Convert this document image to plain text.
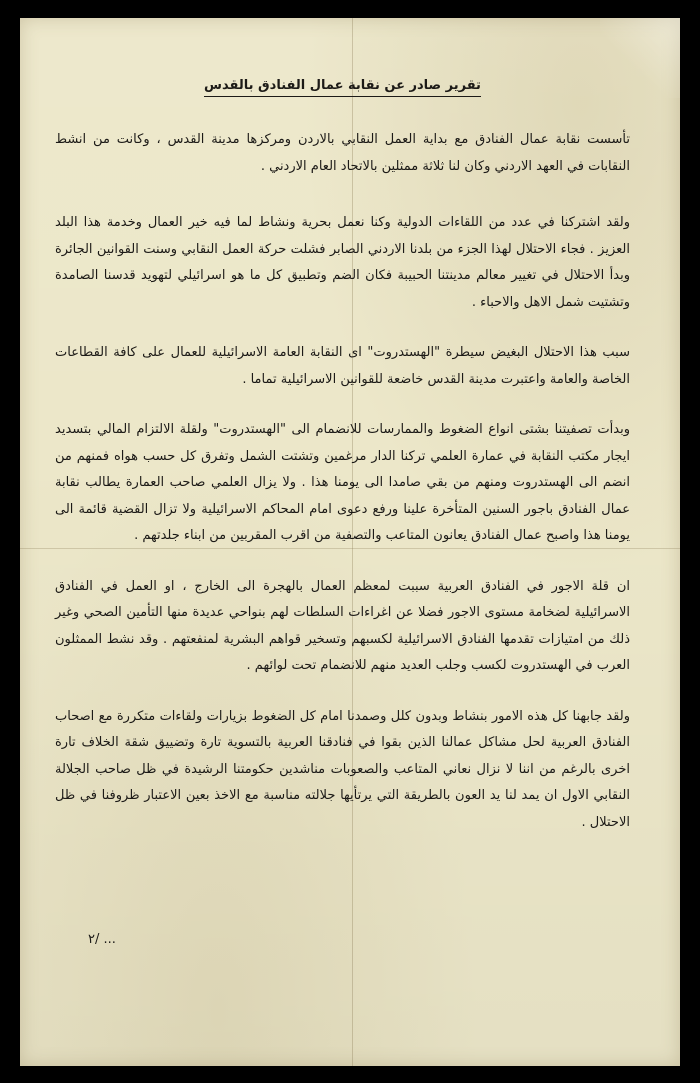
تقرير صادر عن نقابة عمال الفنادق بالقدس

تأسست نقابة عمال الفنادق مع بداية العمل النقابي بالاردن ومركزها مدينة القدس ، وكانت من انشط النقابات في العهد الاردني وكان لنا ثلاثة ممثلين بالاتحاد العام الاردني .

ولقد اشتركنا في عدد من اللقاءات الدولية وكنا نعمل بحرية ونشاط لما فيه خير العمال وخدمة هذا البلد العزيز . فجاء الاحتلال لهذا الجزء من بلدنا الاردني الصابر فشلت حركة العمل النقابي وسنت القوانين الجائرة وبدأ الاحتلال في تغيير معالم مدينتنا الحبيبة فكان الضم وتطبيق كل ما هو اسرائيلي لتهويد قدسنا الصامدة وتشتيت شمل الاهل والاحباء .

سبب هذا الاحتلال البغيض سيطرة "الهستدروت" اى النقابة العامة الاسرائيلية للعمال على كافة القطاعات الخاصة والعامة واعتبرت مدينة القدس خاضعة للقوانين الاسرائيلية تماما .

وبدأت تصفيتنا بشتى انواع الضغوط والممارسات للانضمام الى "الهستدروت" ولقلة الالتزام المالي بتسديد ايجار مكتب النقابة في عمارة العلمي تركنا الدار مرغمين وتشتت الشمل وتفرق كل حسب هواه فمنهم من انضم الى الهستدروت ومنهم من بقي صامدا الى يومنا هذا . ولا يزال العلمي صاحب العمارة يطالب نقابة عمال الفنادق باجور السنين المتأخرة علينا ورفع دعوى امام المحاكم الاسرائيلية ولا تزال القضية قائمة الى يومنا هذا واصبح عمال الفنادق يعانون المتاعب والتصفية من اقرب المقربين من ابناء جلدتهم .

ان قلة الاجور في الفنادق العربية سببت لمعظم العمال بالهجرة الى الخارج ، او العمل في الفنادق الاسرائيلية لضخامة مستوى الاجور فضلا عن اغراءات السلطات لهم بنواحي عديدة منها التأمين الصحي وغير ذلك من امتيازات تقدمها الفنادق الاسرائيلية لكسبهم وتسخير قواهم البشرية لمنفعتهم . وقد نشط الممثلون العرب في الهستدروت لكسب وجلب العديد منهم للانضمام تحت لوائهم .

ولقد جابهنا كل هذه الامور بنشاط وبدون كلل وصمدنا امام كل الضغوط بزيارات ولقاءات متكررة مع اصحاب الفنادق العربية لحل مشاكل عمالنا الذين بقوا في فنادقنا العربية بالتسوية تارة وتضييق شقة الخلاف تارة اخرى بالرغم من اننا لا نزال نعاني المتاعب والصعوبات مناشدين حكومتنا الرشيدة في ظل صاحب الجلالة النقابي الاول ان يمد لنا يد العون بالطريقة التي يرتأيها جلالته مناسبة مع الاخذ بعين الاعتبار ظروفنا في ظل الاحتلال .

٢/ ...
